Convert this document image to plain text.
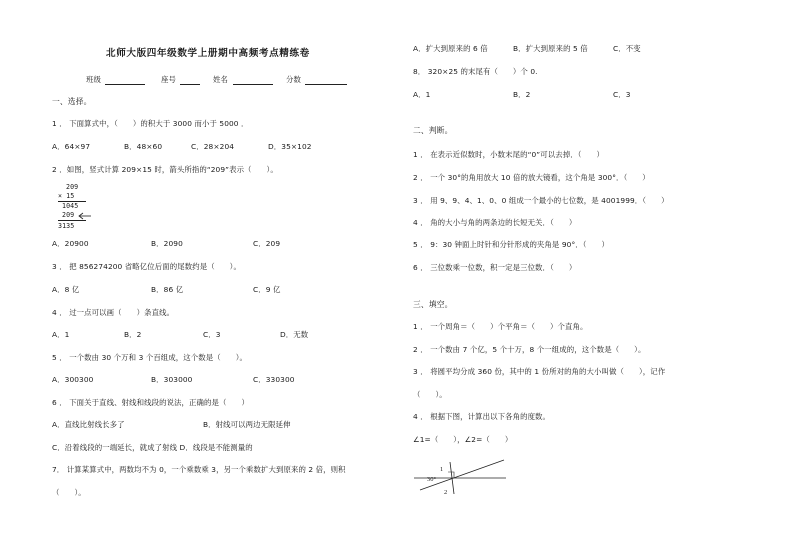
北师大版四年级数学上册期中高频考点精练卷
班级	座号	姓名	分数
一、选择。
1 ． 下面算式中，（　　）的积大于 3000 而小于 5000 ．
A．64×97	B．48×60	C．28×204	D．35×102
2 ．如图，竖式计算 209×15 时，箭头所指的“209”表示（　　）。
209
× 15
1045
209
3135
A．20900	B．2090	C．209
3 ． 把 856274200 省略亿位后面的尾数约是（　　）。
A．8 亿	B．86 亿	C．9 亿
4 ． 过一点可以画（　　）条直线。
A．1	B．2	C．3	D．无数
5 ． 一个数由 30 个万和 3 个百组成，这个数是（　　）。
A．300300	B．303000	C．330300
6 ． 下面关于直线、射线和线段的说法，正确的是（　　）
A．直线比射线长多了	B．射线可以两边无限延伸
C．沿着线段的一端延长，就成了射线 D．线段是不能测量的
7． 计算某算式中，两数均不为 0，一个乘数乘 3，另一个乘数扩大到原来的 2 倍，则积
（　　）。
A．扩大到原来的 6 倍	B．扩大到原来的 5 倍	C．不变
8． 320×25 的末尾有（　　）个 0.
A．1	B．2	C．3
二、判断。
1 ． 在表示近似数时，小数末尾的“0”可以去掉．（　　）
2 ． 一个 30°的角用放大 10 倍的放大镜看，这个角是 300°．（　　）
3 ． 用 9、9、4、1、0、0 组成一个最小的七位数，是 4001999．（　　）
4 ． 角的大小与角的两条边的长短无关．（　　）
5 ． 9：30 钟面上时针和分针形成的夹角是 90°．（　　）
6 ． 三位数乘一位数，积一定是三位数．（　　）
三、填空。
1 ． 一个周角＝（　　）个平角＝（　　）个直角。
2 ． 一个数由 7 个亿，5 个十万，8 个一组成的，这个数是（　　）。
3 ． 将圆平均分成 360 份，其中的 1 份所对的角的大小叫做（　　），记作
（　　）。
4 ． 根据下图，计算出以下各角的度数。
∠1=（　　），∠2=（　　）
1
30°
2
